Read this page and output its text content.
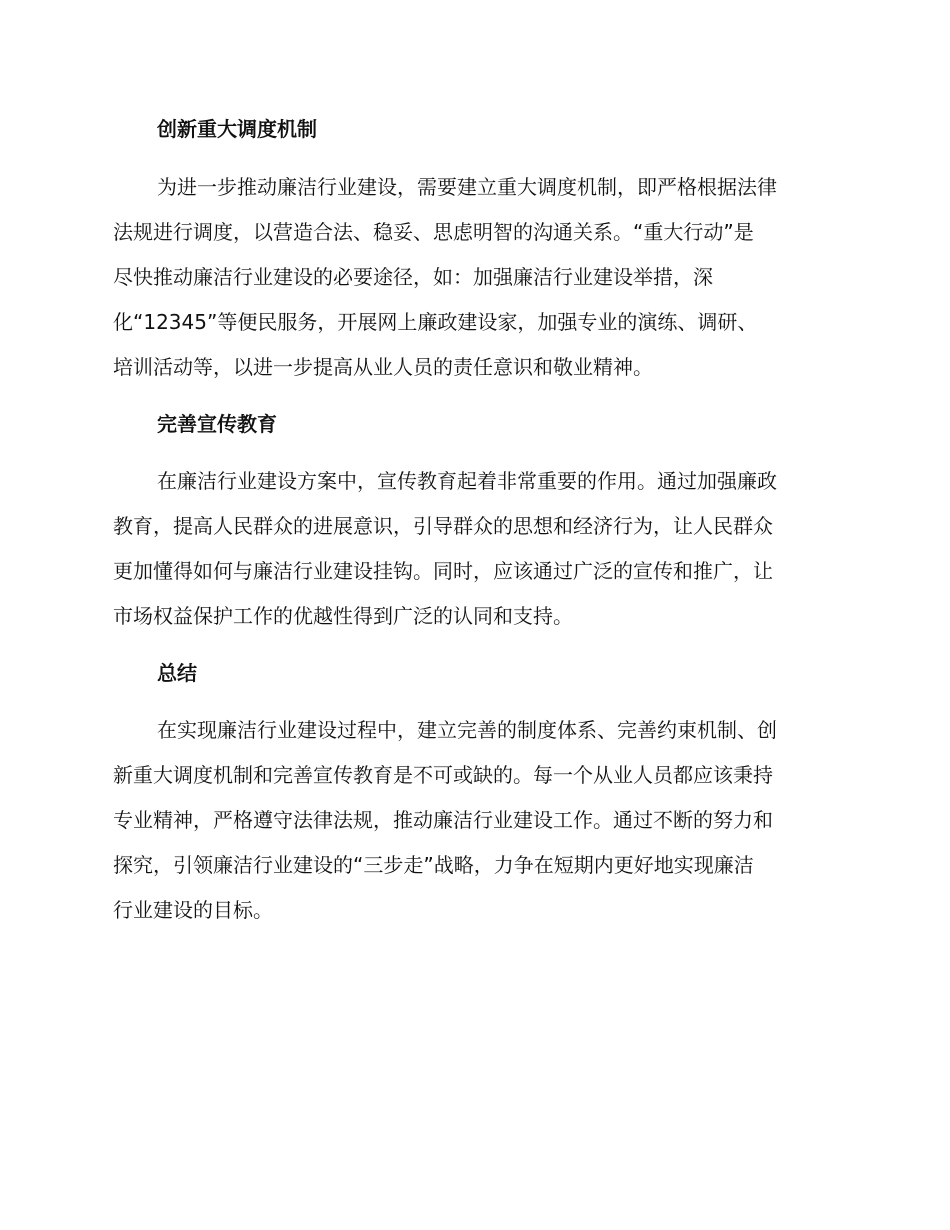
创新重大调度机制

为进一步推动廉洁行业建设，需要建立重大调度机制，即严格根据法律

法规进行调度，以营造合法、稳妥、思虑明智的沟通关系。“重大行动”是

尽快推动廉洁行业建设的必要途径，如：加强廉洁行业建设举措，深

化“12345”等便民服务，开展网上廉政建设家，加强专业的演练、调研、

培训活动等，以进一步提高从业人员的责任意识和敬业精神。

完善宣传教育

在廉洁行业建设方案中，宣传教育起着非常重要的作用。通过加强廉政

教育，提高人民群众的进展意识，引导群众的思想和经济行为，让人民群众

更加懂得如何与廉洁行业建设挂钩。同时，应该通过广泛的宣传和推广，让

市场权益保护工作的优越性得到广泛的认同和支持。

总结

在实现廉洁行业建设过程中，建立完善的制度体系、完善约束机制、创

新重大调度机制和完善宣传教育是不可或缺的。每一个从业人员都应该秉持

专业精神，严格遵守法律法规，推动廉洁行业建设工作。通过不断的努力和

探究，引领廉洁行业建设的“三步走”战略，力争在短期内更好地实现廉洁

行业建设的目标。
